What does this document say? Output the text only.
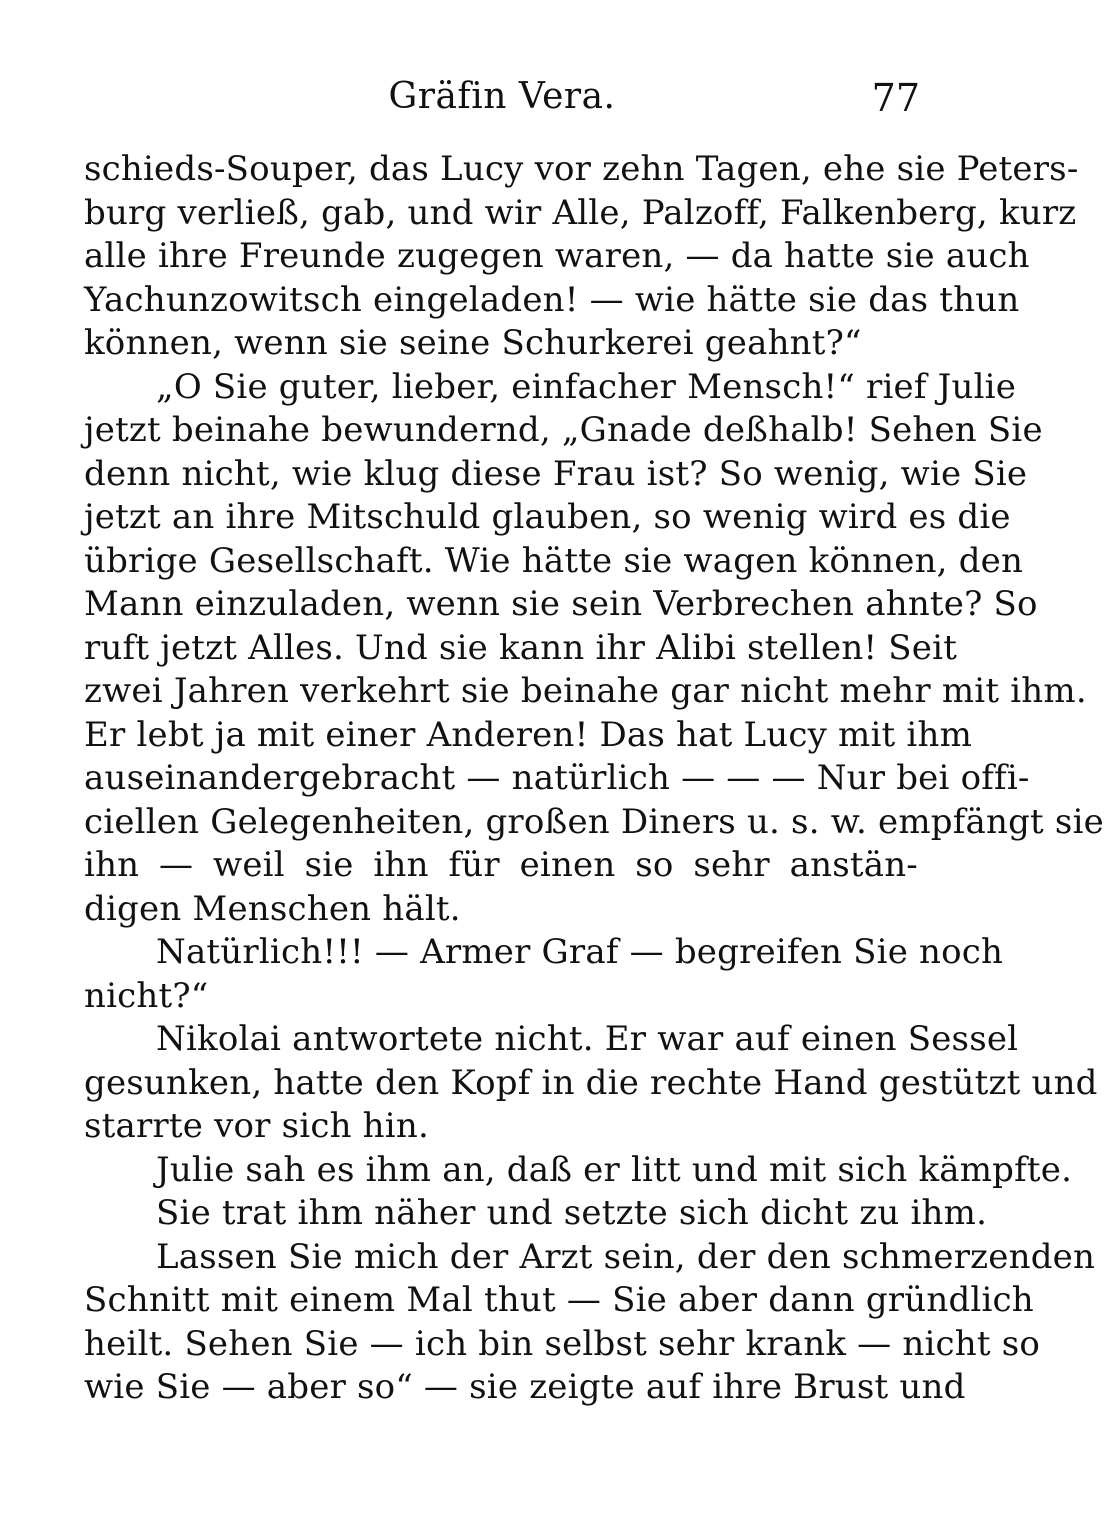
Gräfin Vera.	77
schieds-Souper, das Lucy vor zehn Tagen, ehe sie Peters-
burg verließ, gab, und wir Alle, Palzoff, Falkenberg, kurz
alle ihre Freunde zugegen waren, — da hatte sie auch
Yachunzowitsch eingeladen! — wie hätte sie das thun
können, wenn sie seine Schurkerei geahnt?“
„O Sie guter, lieber, einfacher Mensch!“ rief Julie
jetzt beinahe bewundernd, „Gnade deßhalb! Sehen Sie
denn nicht, wie klug diese Frau ist? So wenig, wie Sie
jetzt an ihre Mitschuld glauben, so wenig wird es die
übrige Gesellschaft. Wie hätte sie wagen können, den
Mann einzuladen, wenn sie sein Verbrechen ahnte? So
ruft jetzt Alles. Und sie kann ihr Alibi stellen! Seit
zwei Jahren verkehrt sie beinahe gar nicht mehr mit ihm.
Er lebt ja mit einer Anderen! Das hat Lucy mit ihm
auseinandergebracht — natürlich — — — Nur bei offi-
ciellen Gelegenheiten, großen Diners u. s. w. empfängt sie
ihn — weil sie ihn für einen so sehr anstän-
digen Menschen hält.
Natürlich!!! — Armer Graf — begreifen Sie noch
nicht?“
Nikolai antwortete nicht. Er war auf einen Sessel
gesunken, hatte den Kopf in die rechte Hand gestützt und
starrte vor sich hin.
Julie sah es ihm an, daß er litt und mit sich kämpfte.
Sie trat ihm näher und setzte sich dicht zu ihm.
Lassen Sie mich der Arzt sein, der den schmerzenden
Schnitt mit einem Mal thut — Sie aber dann gründlich
heilt. Sehen Sie — ich bin selbst sehr krank — nicht so
wie Sie — aber so“ — sie zeigte auf ihre Brust und
